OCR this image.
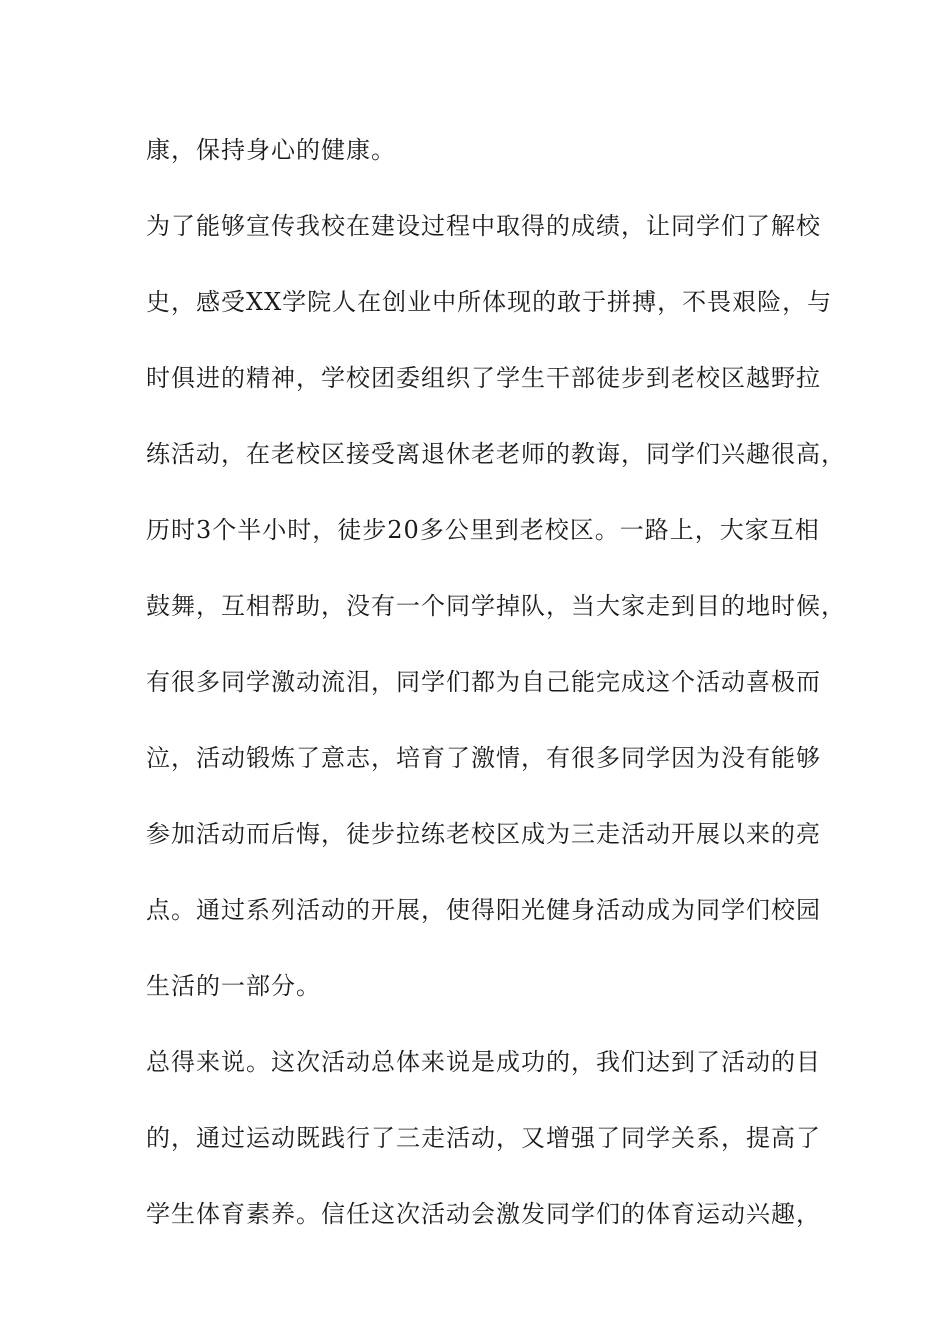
康，保持身心的健康。
为了能够宣传我校在建设过程中取得的成绩，让同学们了解校
史，感受XX学院人在创业中所体现的敢于拼搏，不畏艰险，与
时俱进的精神，学校团委组织了学生干部徒步到老校区越野拉
练活动，在老校区接受离退休老老师的教诲，同学们兴趣很高，
历时3个半小时，徒步20多公里到老校区。一路上，大家互相
鼓舞，互相帮助，没有一个同学掉队，当大家走到目的地时候，
有很多同学激动流泪，同学们都为自己能完成这个活动喜极而
泣，活动锻炼了意志，培育了激情，有很多同学因为没有能够
参加活动而后悔，徒步拉练老校区成为三走活动开展以来的亮
点。通过系列活动的开展，使得阳光健身活动成为同学们校园
生活的一部分。
总得来说。这次活动总体来说是成功的，我们达到了活动的目
的，通过运动既践行了三走活动，又增强了同学关系，提高了
学生体育素养。信任这次活动会激发同学们的体育运动兴趣，
